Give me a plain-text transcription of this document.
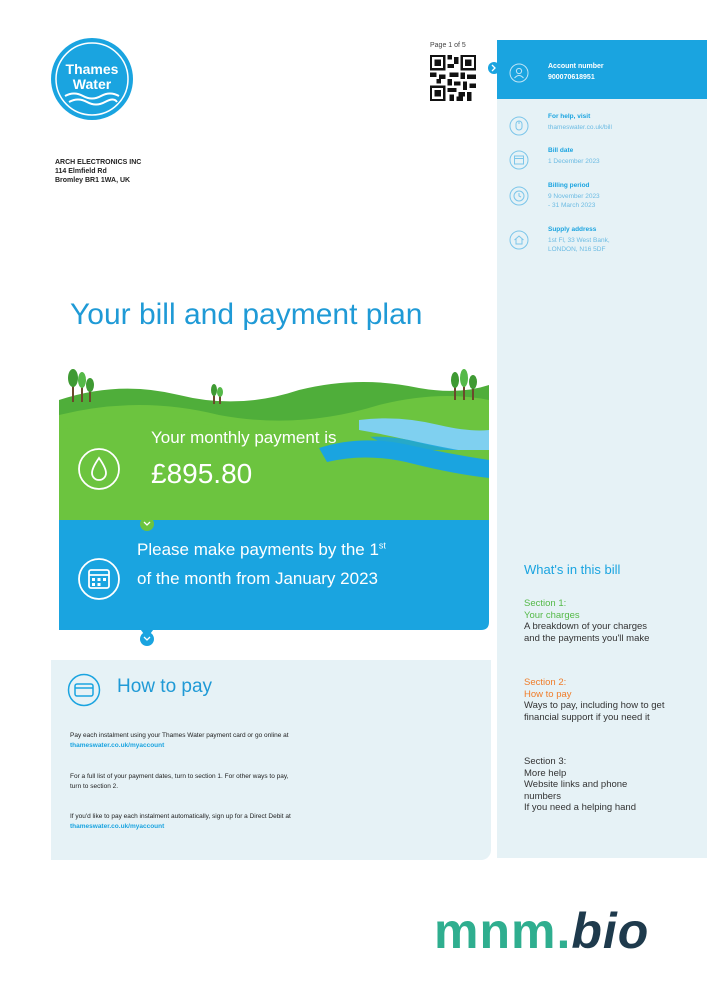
Thames
Water
ARCH ELECTRONICS INC
114 Elmfield Rd
Bromley BR1 1WA, UK
Page 1 of 5
Account number
900070618951
For help, visit
thameswater.co.uk/bill
Bill date
1 December 2023
Billing period
9 November 2023
- 31 March 2023
Supply address
1st Fl, 33 West Bank,
LONDON, N16 5DF
Your bill and payment plan
Your monthly payment is
£895.80
Please make payments by the 1st
of the month from January 2023
How to pay
Pay each instalment using your Thames Water payment card or go online at
thameswater.co.uk/myaccount
For a full list of your payment dates, turn to section 1. For other ways to pay,
turn to section 2.
If you'd like to pay each instalment automatically, sign up for a Direct Debit at
thameswater.co.uk/myaccount
What's in this bill
Section 1:
Your charges
A breakdown of your charges
and the payments you'll make
Section 2:
How to pay
Ways to pay, including how to get
financial support if you need it
Section 3:
More help
Website links and phone
numbers
If you need a helping hand
mnm.bio
